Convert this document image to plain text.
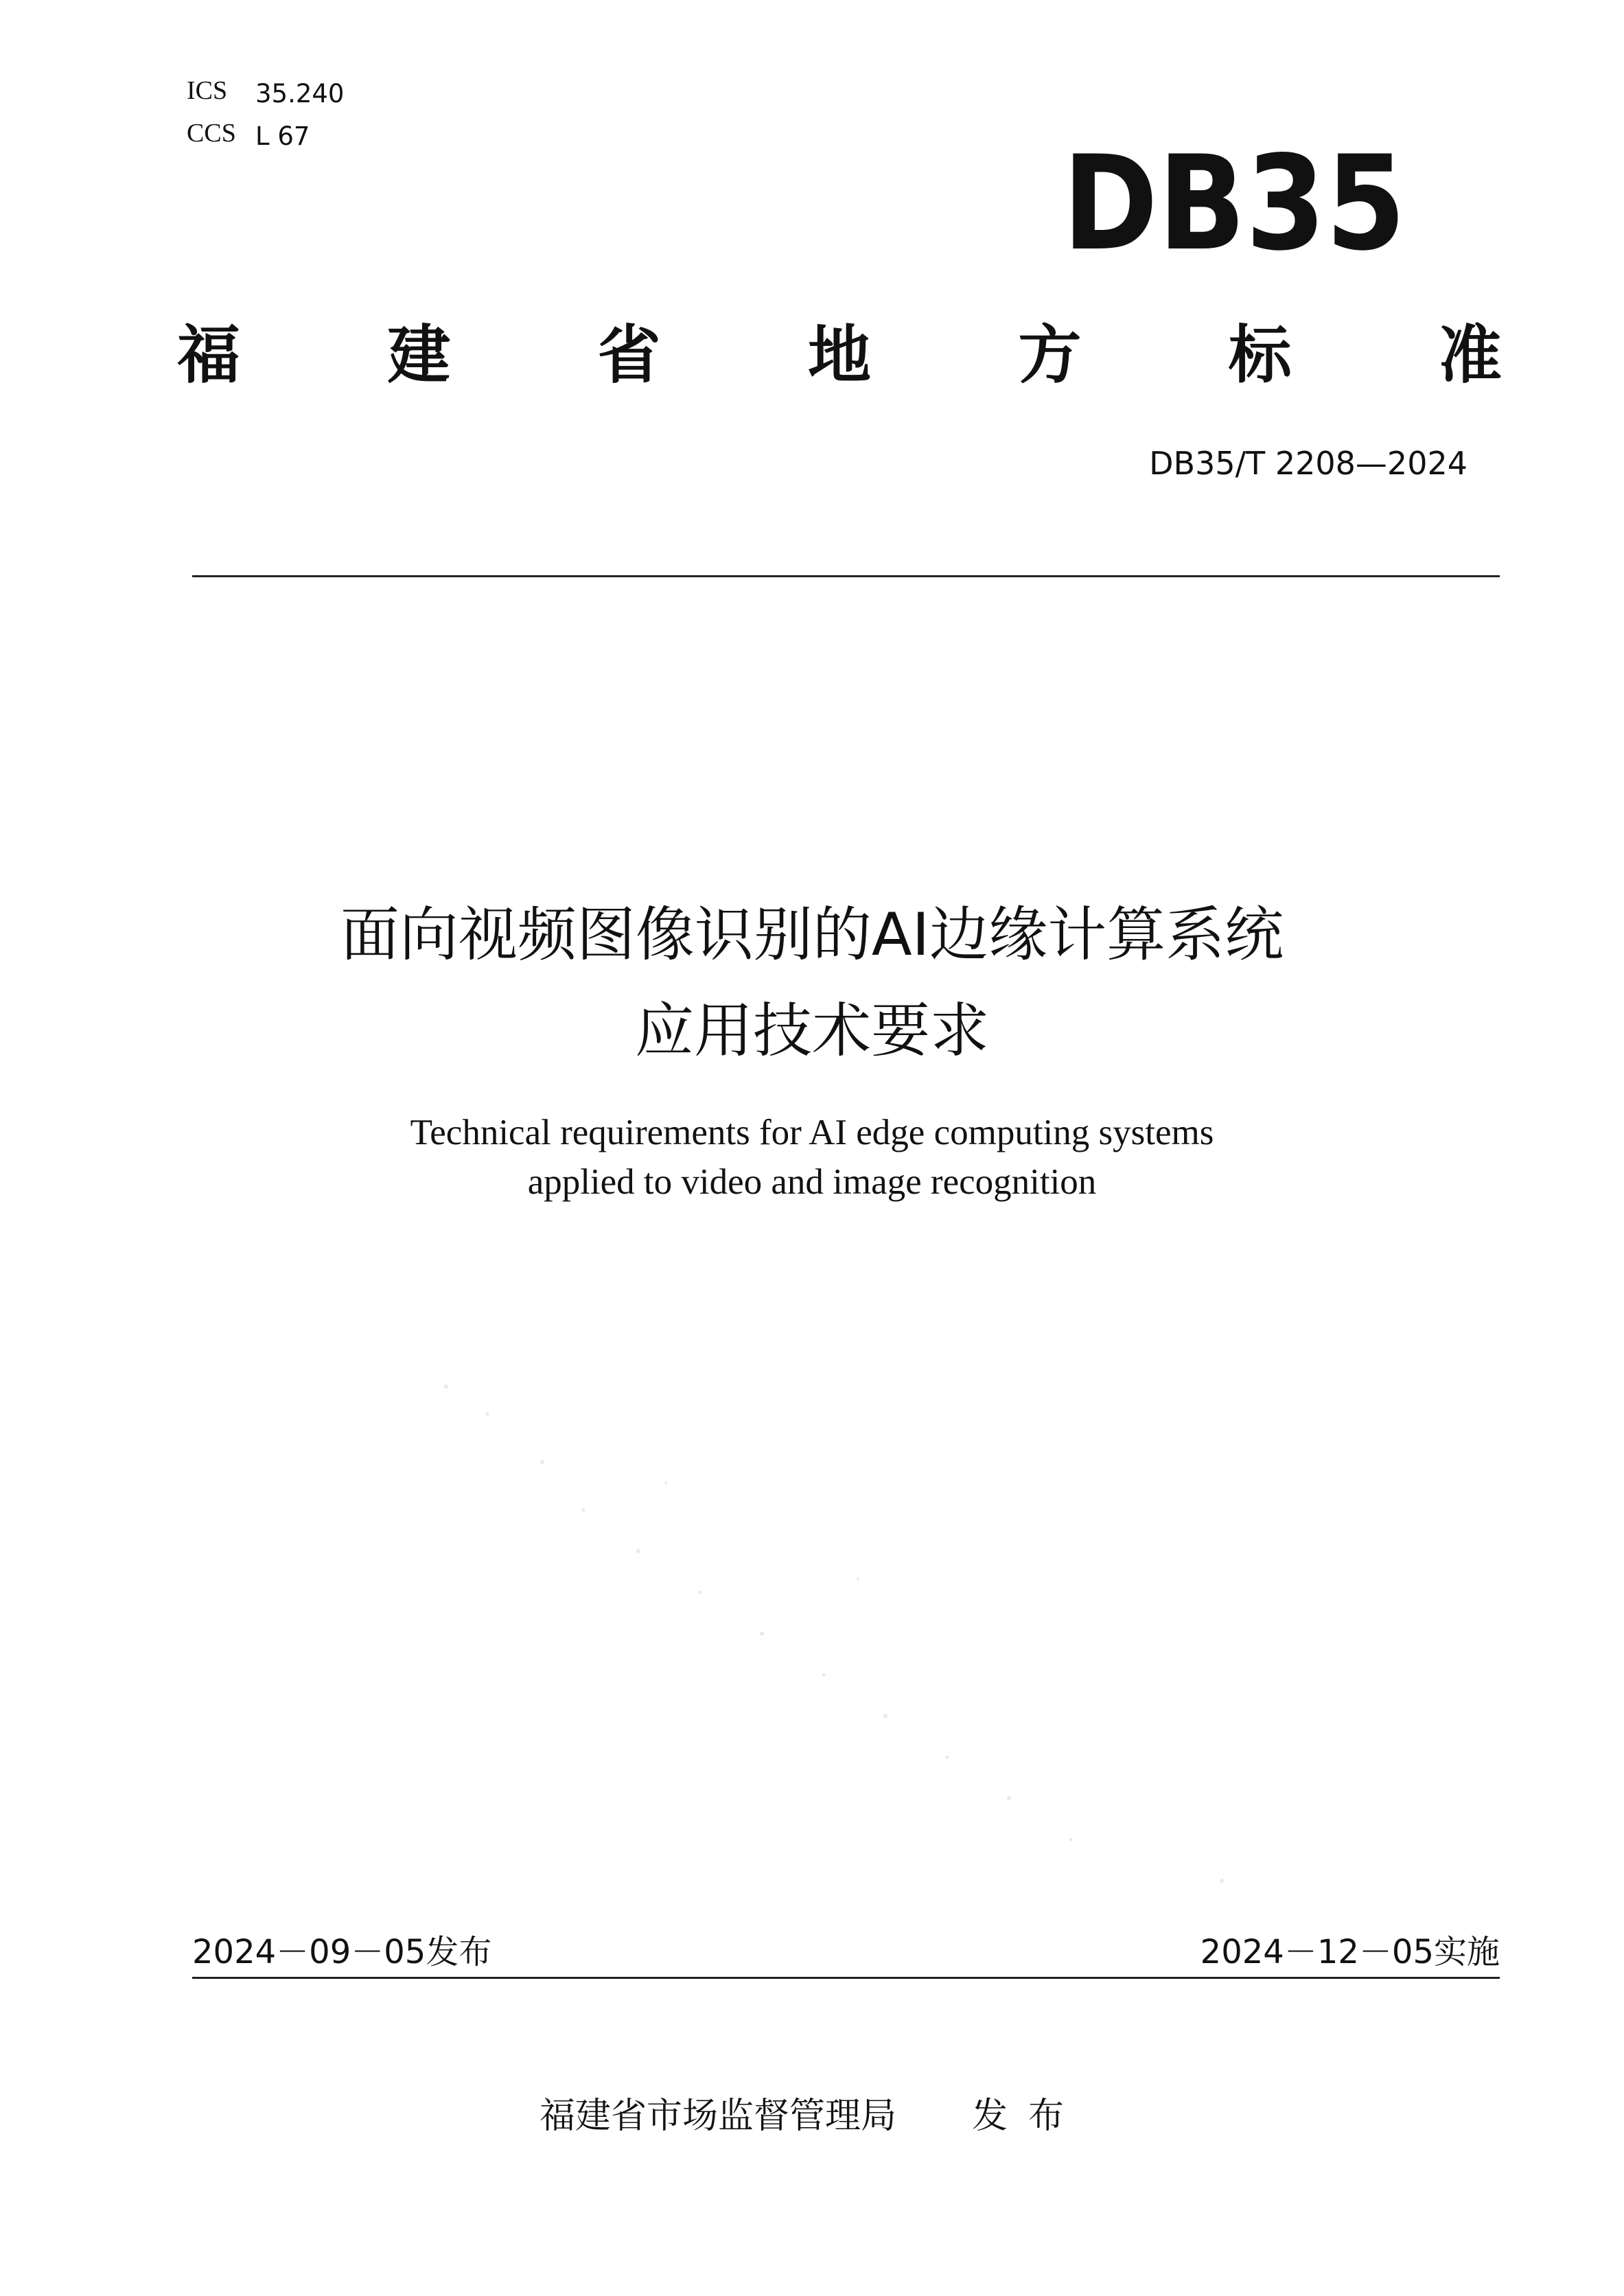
ICS 35.240
CCS L 67	DB35
福 建 省 地 方 标 准
DB35/T 2208—2024
面向视频图像识别的AI边缘计算系统
应用技术要求
Technical requirements for AI edge computing systems
applied to video and image recognition
2024－09－05发布	2024－12－05实施
福建省市场监督管理局 发布
